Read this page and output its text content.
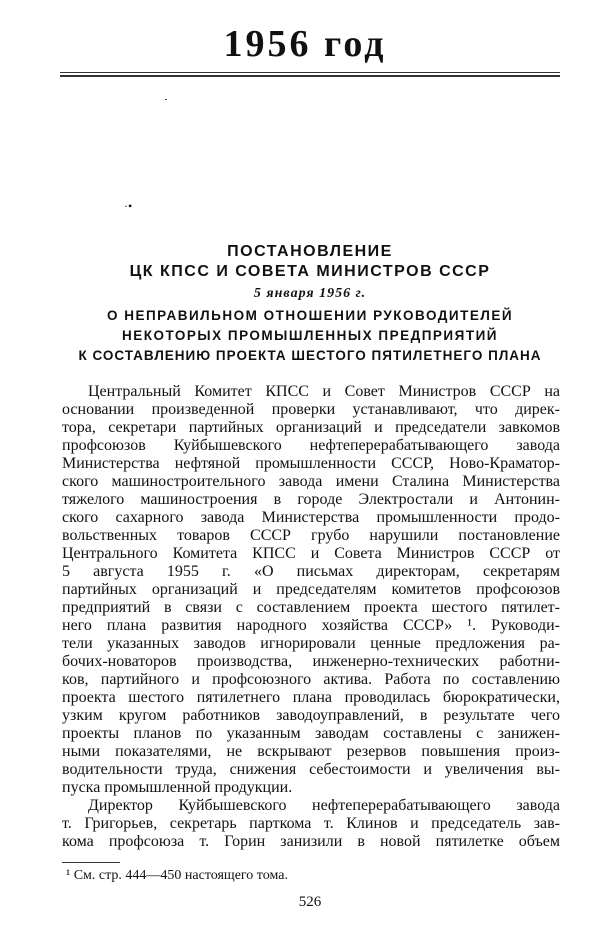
1956 год
·•
ПОСТАНОВЛЕНИЕ
ЦК КПСС И СОВЕТА МИНИСТРОВ СССР
5 января 1956 г.
О НЕПРАВИЛЬНОМ ОТНОШЕНИИ РУКОВОДИТЕЛЕЙ
НЕКОТОРЫХ ПРОМЫШЛЕННЫХ ПРЕДПРИЯТИЙ
К СОСТАВЛЕНИЮ ПРОЕКТА ШЕСТОГО ПЯТИЛЕТНЕГО ПЛАНА
Центральный Комитет КПСС и Совет Министров СССР на
основании произведенной проверки устанавливают, что дирек-
тора, секретари партийных организаций и председатели завкомов
профсоюзов Куйбышевского нефтеперерабатывающего завода
Министерства нефтяной промышленности СССР, Ново-Краматор-
ского машиностроительного завода имени Сталина Министерства
тяжелого машиностроения в городе Электростали и Антонин-
ского сахарного завода Министерства промышленности продо-
вольственных товаров СССР грубо нарушили постановление
Центрального Комитета КПСС и Совета Министров СССР от
5 августа 1955 г. «О письмах директорам, секретарям
партийных организаций и председателям комитетов профсоюзов
предприятий в связи с составлением проекта шестого пятилет-
него плана развития народного хозяйства СССР» ¹. Руководи-
тели указанных заводов игнорировали ценные предложения ра-
бочих-новаторов производства, инженерно-технических работни-
ков, партийного и профсоюзного актива. Работа по составлению
проекта шестого пятилетнего плана проводилась бюрократически,
узким кругом работников заводоуправлений, в результате чего
проекты планов по указанным заводам составлены с занижен-
ными показателями, не вскрывают резервов повышения произ-
водительности труда, снижения себестоимости и увеличения вы-
пуска промышленной продукции.
Директор Куйбышевского нефтеперерабатывающего завода
т. Григорьев, секретарь парткома т. Клинов и председатель зав-
кома профсоюза т. Горин занизили в новой пятилетке объем
¹ См. стр. 444—450 настоящего тома.
526
